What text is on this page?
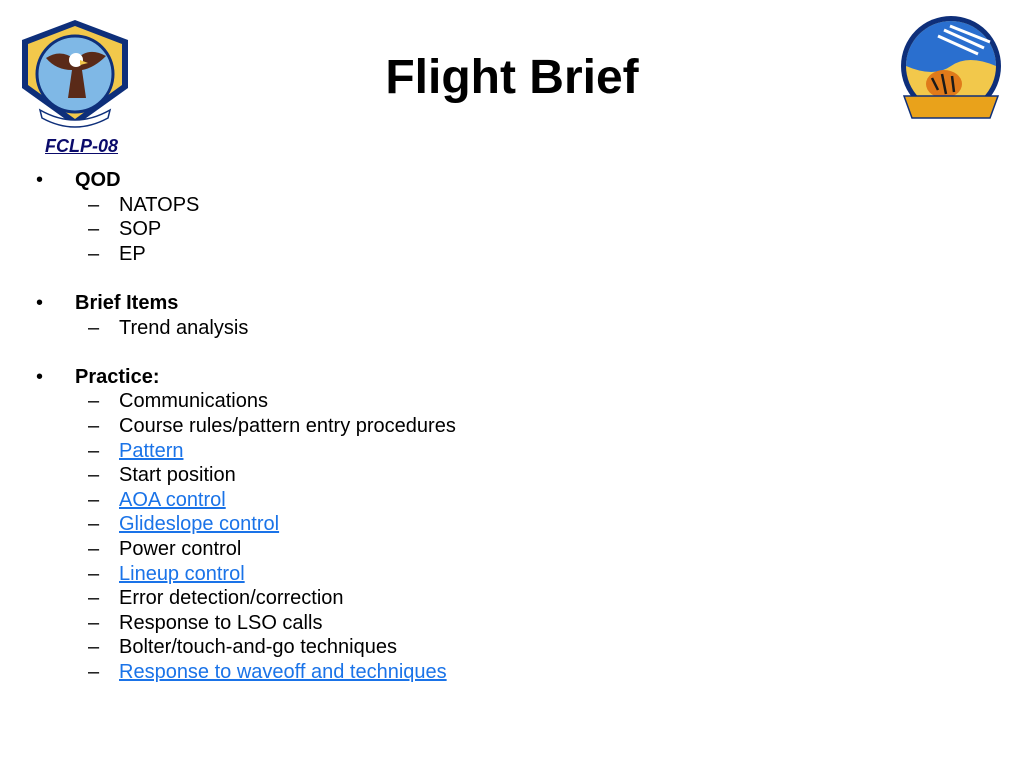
Flight Brief
FCLP-08
• QOD
– NATOPS
– SOP
– EP
• Brief Items
– Trend analysis
• Practice:
– Communications
– Course rules/pattern entry procedures
– Pattern
– Start position
– AOA control
– Glideslope control
– Power control
– Lineup control
– Error detection/correction
– Response to LSO calls
– Bolter/touch-and-go techniques
– Response to waveoff and techniques
